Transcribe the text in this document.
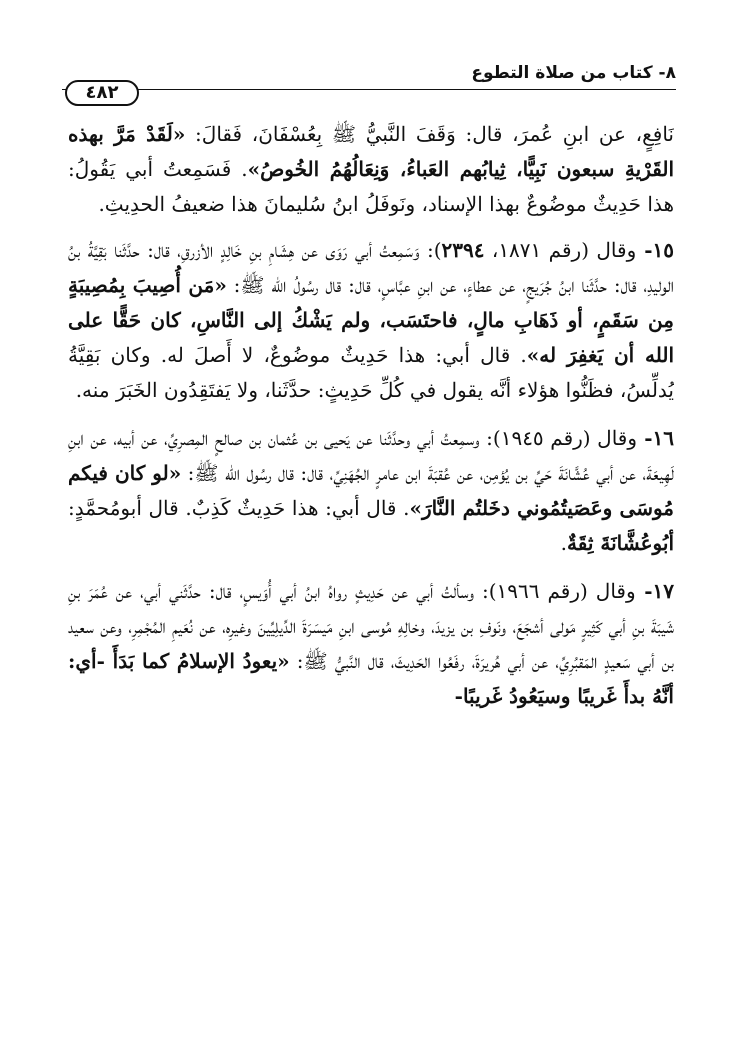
٨- كتاب من صلاة التطوع
٤٨٢

نَافِعٍ، عن ابنِ عُمرَ، قال: وَقَفَ النَّبيُّ ﷺ بِعُسْفَانَ، فَقالَ: «لَقَدْ مَرَّ بهذه القَرْيةِ سبعون نَبِيًّا، ثِيابُهم العَباءُ، وَنِعَالُهُمُ الخُوصُ». فَسَمِعتُ أبي يَقُولُ: هذا حَدِيثٌ موضُوعٌ بهذا الإسناد، ونَوفَلُ ابنُ سُليمانَ هذا ضعيفُ الحدِيثِ.

١٥- وقال (رقم ١٨٧١، ٢٣٩٤): وَسَمِعتُ أبي رَوَى عن هِشَامِ بنِ خَالِدٍ الأزرقِ، قال: حدَّثَنا بَقِيَّةُ بنُ الوليدِ، قال: حدَّثَنا ابنُ جُرَيجٍ، عن عطاءٍ، عن ابنِ عبَّاسٍ، قال: قال رسُولُ الله ﷺ: «مَن أُصِيبَ بِمُصِيبَةٍ مِن سَقَمٍ، أو ذَهَابِ مالٍ، فاحتَسَب، ولم يَشْكُ إلى النَّاسِ، كان حَقًّا على الله أن يَغفِرَ له». قال أبي: هذا حَدِيثٌ موضُوعٌ، لا أَصلَ له. وكان بَقِيَّةُ يُدلِّسُ، فظَنُّوا هؤلاء أنَّه يقول في كُلِّ حَدِيثٍ: حدَّثَنا، ولا يَفتَقِدُون الخَبَرَ منه.

١٦- وقال (رقم ١٩٤٥): وسمِعتُ أبي وحدَّثَنا عن يَحيى بن عُثمان بن صالحٍ المِصرِيِّ، عن أبيه، عن ابنِ لَهِيعَةَ، عن أبي عُشَّانَةَ حَيِّ بن يُؤمِن، عن عُقبَةَ ابن عامرٍ الجُهَنِيِّ، قال: قال رسُول الله ﷺ: «لو كان فيكم مُوسَى وعَصَيتُمُوني دخَلتُم النَّارَ». قال أبي: هذا حَدِيثٌ كَذِبٌ. قال أبومُحمَّدٍ: أبُوعُشَّانَةَ ثِقَةٌ.

١٧- وقال (رقم ١٩٦٦): وسألتُ أبي عن حَدِيثٍ رواهُ ابنُ أبي أُوَيسٍ، قال: حدَّثَني أبي، عن عُمَرَ بنِ شَيبَةَ بنِ أبي كَثِيرٍ مَولى أشجَعَ، ونَوفِ بن يزيدَ، وخالِهِ مُوسى ابنِ مَيسَرَةَ الدِّيلِيِّينَ وغيرِه، عن نُعَيمِ المُجْمِرِ، وعن سعيد بن أبي سَعيدٍ المَقبُرِيِّ، عن أبي هُريرَةَ، رفَعُوا الحَدِيثَ، قال النَّبيُّ ﷺ: «يعودُ الإسلامُ كما بَدَأَ -أي: أنَّهُ بدأَ غَريبًا وسيَعُودُ غَريبًا-
